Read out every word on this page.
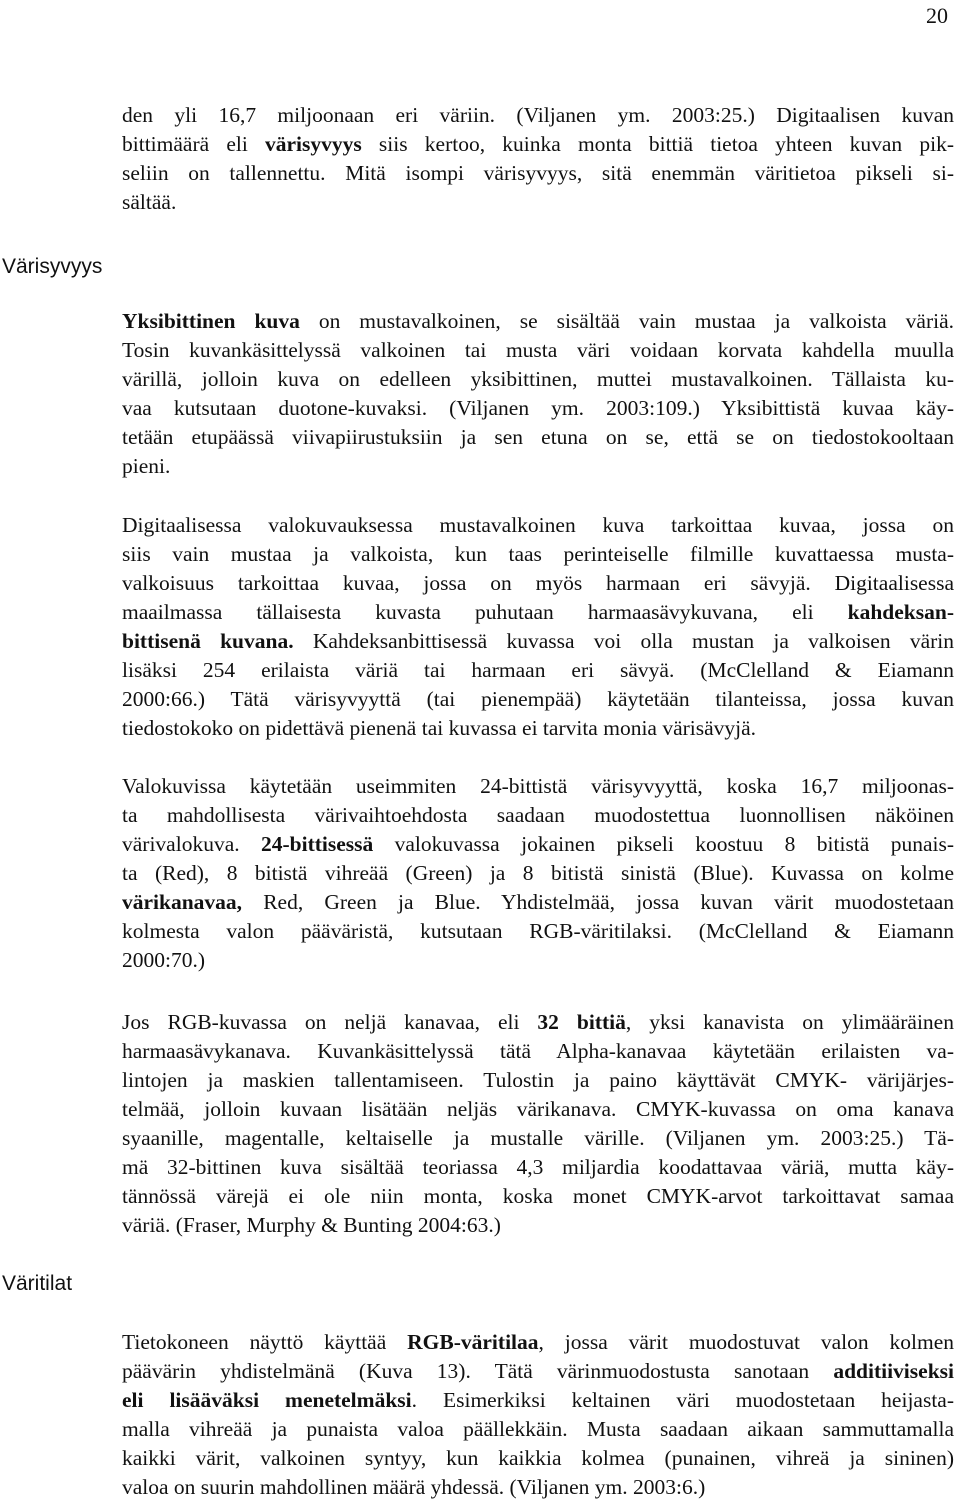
20
Värisyvyys
Väritilat

den yli 16,7 miljoonaan eri väriin. (Viljanen ym. 2003:25.) Digitaalisen kuvan
bittimäärä eli värisyvyys siis kertoo, kuinka monta bittiä tietoa yhteen kuvan pik-
seliin on tallennettu. Mitä isompi värisyvyys, sitä enemmän väritietoa pikseli si-
sältää.

Yksibittinen kuva on mustavalkoinen, se sisältää vain mustaa ja valkoista väriä.
Tosin kuvankäsittelyssä valkoinen tai musta väri voidaan korvata kahdella muulla
värillä, jolloin kuva on edelleen yksibittinen, muttei mustavalkoinen. Tällaista ku-
vaa kutsutaan duotone-kuvaksi. (Viljanen ym. 2003:109.) Yksibittistä kuvaa käy-
tetään etupäässä viivapiirustuksiin ja sen etuna on se, että se on tiedostokooltaan
pieni.

Digitaalisessa valokuvauksessa mustavalkoinen kuva tarkoittaa kuvaa, jossa on
siis vain mustaa ja valkoista, kun taas perinteiselle filmille kuvattaessa musta-
valkoisuus tarkoittaa kuvaa, jossa on myös harmaan eri sävyjä. Digitaalisessa
maailmassa tällaisesta kuvasta puhutaan harmaasävykuvana, eli kahdeksan-
bittisenä kuvana. Kahdeksanbittisessä kuvassa voi olla mustan ja valkoisen värin
lisäksi 254 erilaista väriä tai harmaan eri sävyä. (McClelland & Eiamann
2000:66.) Tätä värisyvyyttä (tai pienempää) käytetään tilanteissa, jossa kuvan
tiedostokoko on pidettävä pienenä tai kuvassa ei tarvita monia värisävyjä.

Valokuvissa käytetään useimmiten 24-bittistä värisyvyyttä, koska 16,7 miljoonas-
ta mahdollisesta värivaihtoehdosta saadaan muodostettua luonnollisen näköinen
värivalokuva. 24-bittisessä valokuvassa jokainen pikseli koostuu 8 bitistä punais-
ta (Red), 8 bitistä vihreää (Green) ja 8 bitistä sinistä (Blue). Kuvassa on kolme
värikanavaa, Red, Green ja Blue. Yhdistelmää, jossa kuvan värit muodostetaan
kolmesta valon pääväristä, kutsutaan RGB-väritilaksi. (McClelland & Eiamann
2000:70.)

Jos RGB-kuvassa on neljä kanavaa, eli 32 bittiä, yksi kanavista on ylimääräinen
harmaasävykanava. Kuvankäsittelyssä tätä Alpha-kanavaa käytetään erilaisten va-
lintojen ja maskien tallentamiseen. Tulostin ja paino käyttävät CMYK- värijärjes-
telmää, jolloin kuvaan lisätään neljäs värikanava. CMYK-kuvassa on oma kanava
syaanille, magentalle, keltaiselle ja mustalle värille. (Viljanen ym. 2003:25.) Tä-
mä 32-bittinen kuva sisältää teoriassa 4,3 miljardia koodattavaa väriä, mutta käy-
tännössä värejä ei ole niin monta, koska monet CMYK-arvot tarkoittavat samaa
väriä. (Fraser, Murphy & Bunting 2004:63.)

Tietokoneen näyttö käyttää RGB-väritilaa, jossa värit muodostuvat valon kolmen
päävärin yhdistelmänä (Kuva 13). Tätä värinmuodostusta sanotaan additiiviseksi
eli lisääväksi menetelmäksi. Esimerkiksi keltainen väri muodostetaan heijasta-
malla vihreää ja punaista valoa päällekkäin. Musta saadaan aikaan sammuttamalla
kaikki värit, valkoinen syntyy, kun kaikkia kolmea (punainen, vihreä ja sininen)
valoa on suurin mahdollinen määrä yhdessä. (Viljanen ym. 2003:6.)
